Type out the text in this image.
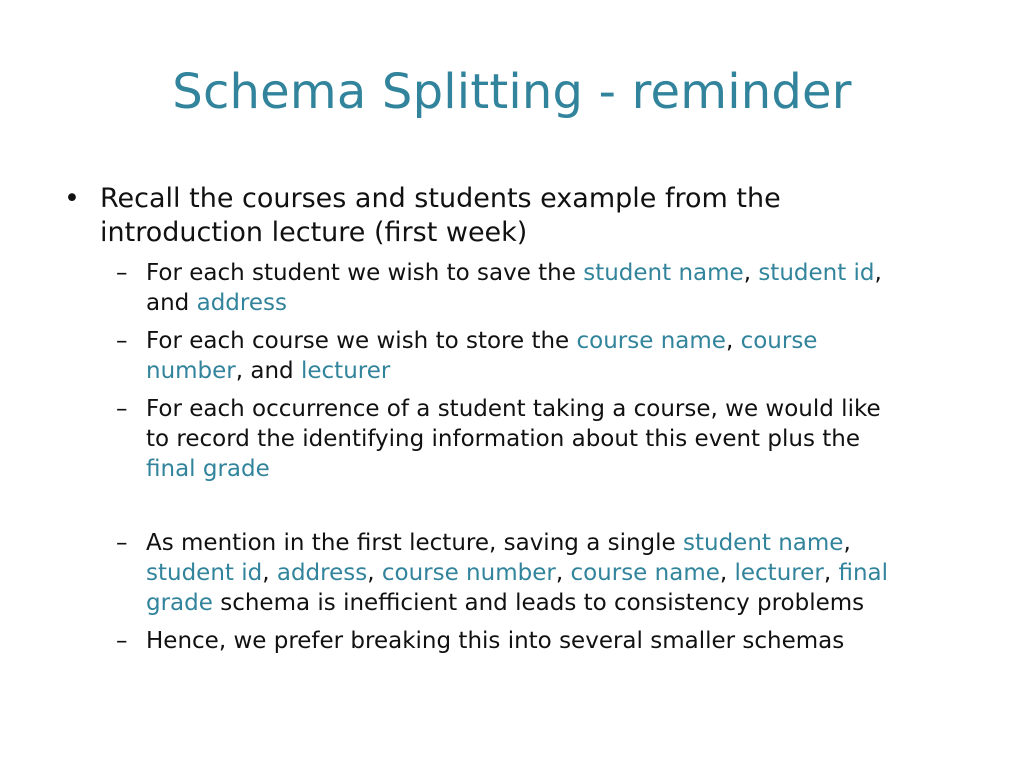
Schema Splitting - reminder
• Recall the courses and students example from the
introduction lecture (first week)
– For each student we wish to save the student name, student id,
and address
– For each course we wish to store the course name, course
number, and lecturer
– For each occurrence of a student taking a course, we would like
to record the identifying information about this event plus the
final grade
– As mention in the first lecture, saving a single student name,
student id, address, course number, course name, lecturer, final
grade schema is inefficient and leads to consistency problems
– Hence, we prefer breaking this into several smaller schemas
